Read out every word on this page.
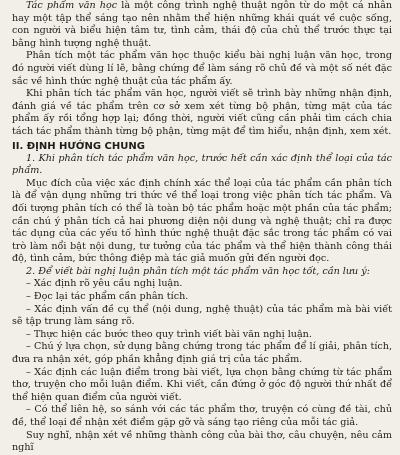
Tác phẩm văn học là một công trình nghệ thuật ngôn từ do một cá nhân hay một tập thể sáng tạo nên nhằm thể hiện những khái quát về cuộc sống, con người và biểu hiện tâm tư, tình cảm, thái độ của chủ thể trước thực tại bằng hình tượng nghệ thuật.

Phân tích một tác phẩm văn học thuộc kiểu bài nghị luận văn học, trong đó người viết dùng lí lẽ, bằng chứng để làm sáng rõ chủ đề và một số nét đặc sắc về hình thức nghệ thuật của tác phẩm ấy.

Khi phân tích tác phẩm văn học, người viết sẽ trình bày những nhận định, đánh giá về tác phẩm trên cơ sở xem xét từng bộ phận, từng mặt của tác phẩm ấy rồi tổng hợp lại; đồng thời, người viết cũng cần phải tìm cách chia tách tác phẩm thành từng bộ phận, từng mặt để tìm hiểu, nhận định, xem xét.

II. ĐỊNH HƯỚNG CHUNG

1. Khi phân tích tác phẩm văn học, trước hết cần xác định thể loại của tác phẩm.

Mục đích của việc xác định chính xác thể loại của tác phẩm cần phân tích là để vận dụng những tri thức về thể loại trong việc phân tích tác phẩm. Và đối tượng phân tích có thể là toàn bộ tác phẩm hoặc một phần của tác phẩm; cần chú ý phân tích cả hai phương diện nội dung và nghệ thuật; chỉ ra được tác dụng của các yếu tố hình thức nghệ thuật đặc sắc trong tác phẩm có vai trò làm nổi bật nội dung, tư tưởng của tác phẩm và thể hiện thành công thái độ, tình cảm, bức thông điệp mà tác giả muốn gửi đến người đọc.

2. Để viết bài nghị luận phân tích một tác phẩm văn học tốt, cần lưu ý:

– Xác định rõ yêu cầu nghị luận.

– Đọc lại tác phẩm cần phân tích.

– Xác định vấn đề cụ thể (nội dung, nghệ thuật) của tác phẩm mà bài viết sẽ tập trung làm sáng rõ.

– Thực hiện các bước theo quy trình viết bài văn nghị luận.

– Chú ý lựa chọn, sử dụng bằng chứng trong tác phẩm để lí giải, phân tích, đưa ra nhận xét, góp phần khẳng định giá trị của tác phẩm.

– Xác định các luận điểm trong bài viết, lựa chọn bằng chứng từ tác phẩm thơ, truyện cho mỗi luận điểm. Khi viết, cần đứng ở góc độ người thứ nhất để thể hiện quan điểm của người viết.

– Có thể liên hệ, so sánh với các tác phẩm thơ, truyện có cùng đề tài, chủ đề, thể loại để nhận xét điểm gặp gỡ và sáng tạo riêng của mỗi tác giả.

Suy nghĩ, nhận xét về những thành công của bài thơ, câu chuyện, nêu cảm nghĩ
